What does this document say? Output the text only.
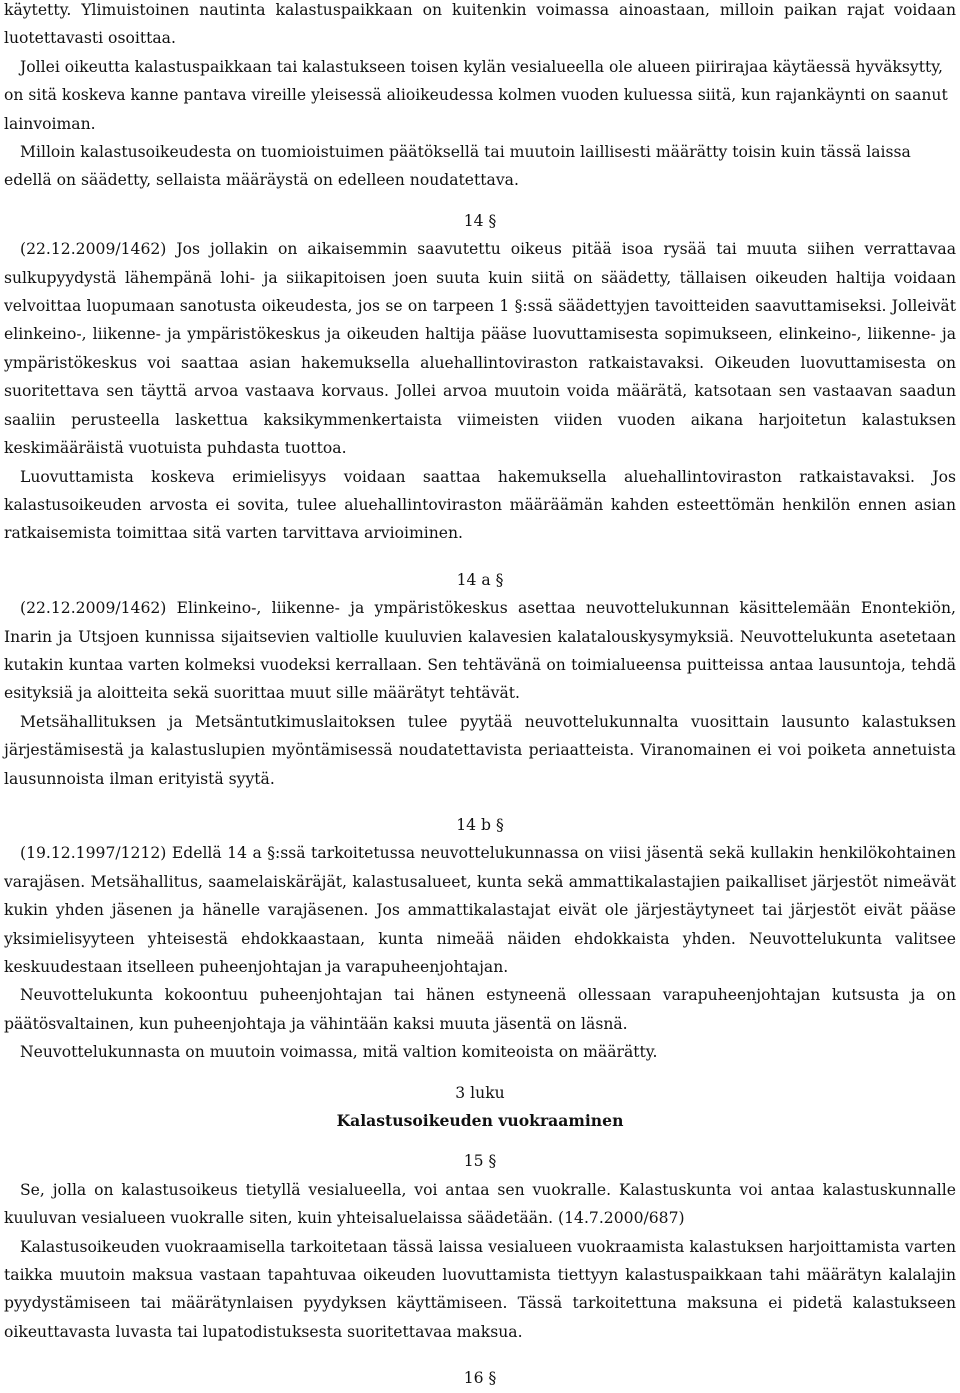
käytetty. Ylimuistoinen nautinta kalastuspaikkaan on kuitenkin voimassa ainoastaan, milloin paikan rajat voidaan luotettavasti osoittaa.

Jollei oikeutta kalastuspaikkaan tai kalastukseen toisen kylän vesialueella ole alueen piirirajaa käytäessä hyväksytty, on sitä koskeva kanne pantava vireille yleisessä alioikeudessa kolmen vuoden kuluessa siitä, kun rajankäynti on saanut lainvoiman.

Milloin kalastusoikeudesta on tuomioistuimen päätöksellä tai muutoin laillisesti määrätty toisin kuin tässä laissa edellä on säädetty, sellaista määräystä on edelleen noudatettava.

14 §

(22.12.2009/1462) Jos jollakin on aikaisemmin saavutettu oikeus pitää isoa rysää tai muuta siihen verrattavaa sulkupyydystä lähempänä lohi- ja siikapitoisen joen suuta kuin siitä on säädetty, tällaisen oikeuden haltija voidaan velvoittaa luopumaan sanotusta oikeudesta, jos se on tarpeen 1 §:ssä säädettyjen tavoitteiden saavuttamiseksi. Jolleivät elinkeino-, liikenne- ja ympäristökeskus ja oikeuden haltija pääse luovuttamisesta sopimukseen, elinkeino-, liikenne- ja ympäristökeskus voi saattaa asian hakemuksella aluehallintoviraston ratkaistavaksi. Oikeuden luovuttamisesta on suoritettava sen täyttä arvoa vastaava korvaus. Jollei arvoa muutoin voida määrätä, katsotaan sen vastaavan saadun saaliin perusteella laskettua kaksikymmenkertaista viimeisten viiden vuoden aikana harjoitetun kalastuksen keskimääräistä vuotuista puhdasta tuottoa.

Luovuttamista koskeva erimielisyys voidaan saattaa hakemuksella aluehallintoviraston ratkaistavaksi. Jos kalastusoikeuden arvosta ei sovita, tulee aluehallintoviraston määräämän kahden esteettömän henkilön ennen asian ratkaisemista toimittaa sitä varten tarvittava arvioiminen.

14 a §

(22.12.2009/1462) Elinkeino-, liikenne- ja ympäristökeskus asettaa neuvottelukunnan käsittelemään Enontekiön, Inarin ja Utsjoen kunnissa sijaitsevien valtiolle kuuluvien kalavesien kalatalouskysymyksiä. Neuvottelukunta asetetaan kutakin kuntaa varten kolmeksi vuodeksi kerrallaan. Sen tehtävänä on toimialueensa puitteissa antaa lausuntoja, tehdä esityksiä ja aloitteita sekä suorittaa muut sille määrätyt tehtävät.

Metsähallituksen ja Metsäntutkimuslaitoksen tulee pyytää neuvottelukunnalta vuosittain lausunto kalastuksen järjestämisestä ja kalastuslupien myöntämisessä noudatettavista periaatteista. Viranomainen ei voi poiketa annetuista lausunnoista ilman erityistä syytä.

14 b §

(19.12.1997/1212) Edellä 14 a §:ssä tarkoitetussa neuvottelukunnassa on viisi jäsentä sekä kullakin henkilökohtainen varajäsen. Metsähallitus, saamelaiskäräjät, kalastusalueet, kunta sekä ammattikalastajien paikalliset järjestöt nimeävät kukin yhden jäsenen ja hänelle varajäsenen. Jos ammattikalastajat eivät ole järjestäytyneet tai järjestöt eivät pääse yksimielisyyteen yhteisestä ehdokkaastaan, kunta nimeää näiden ehdokkaista yhden. Neuvottelukunta valitsee keskuudestaan itselleen puheenjohtajan ja varapuheenjohtajan.

Neuvottelukunta kokoontuu puheenjohtajan tai hänen estyneenä ollessaan varapuheenjohtajan kutsusta ja on päätösvaltainen, kun puheenjohtaja ja vähintään kaksi muuta jäsentä on läsnä.

Neuvottelukunnasta on muutoin voimassa, mitä valtion komiteoista on määrätty.

3 luku

Kalastusoikeuden vuokraaminen

15 §

Se, jolla on kalastusoikeus tietyllä vesialueella, voi antaa sen vuokralle. Kalastuskunta voi antaa kalastuskunnalle kuuluvan vesialueen vuokralle siten, kuin yhteisaluelaissa säädetään. (14.7.2000/687)

Kalastusoikeuden vuokraamisella tarkoitetaan tässä laissa vesialueen vuokraamista kalastuksen harjoittamista varten taikka muutoin maksua vastaan tapahtuvaa oikeuden luovuttamista tiettyyn kalastuspaikkaan tahi määrätyn kalalajin pyydystämiseen tai määrätynlaisen pyydyksen käyttämiseen. Tässä tarkoitettuna maksuna ei pidetä kalastukseen oikeuttavasta luvasta tai lupatodistuksesta suoritettavaa maksua.

16 §
